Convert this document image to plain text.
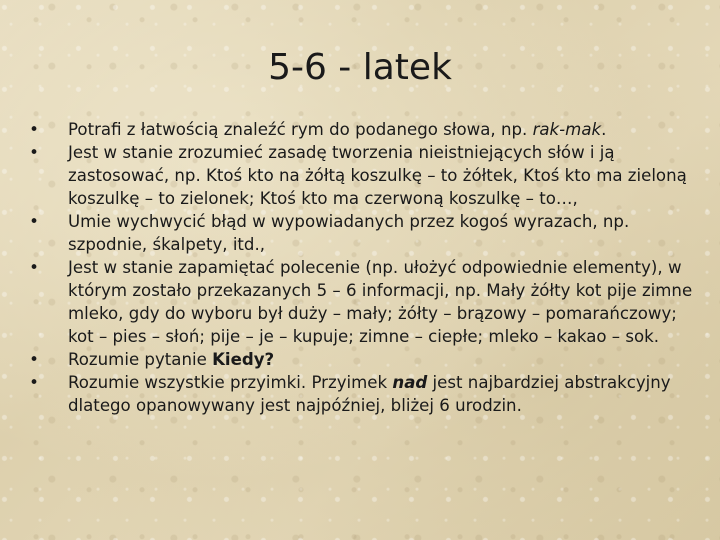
5-6 - latek
•	Potrafi z łatwością znaleźć rym do podanego słowa, np. rak-mak.
•	Jest w stanie zrozumieć zasadę tworzenia nieistniejących słów i ją zastosować, np. Ktoś kto na żółtą koszulkę – to żółtek, Ktoś kto ma zieloną koszulkę – to zielonek; Ktoś kto ma czerwoną koszulkę – to…,
•	Umie wychwycić błąd w wypowiadanych przez kogoś wyrazach, np. szpodnie, śkalpety, itd.,
•	Jest w stanie zapamiętać polecenie (np. ułożyć odpowiednie elementy), w którym zostało przekazanych 5 – 6 informacji, np. Mały żółty kot pije zimne mleko, gdy do wyboru był duży – mały; żółty – brązowy – pomarańczowy; kot – pies – słoń; pije – je – kupuje; zimne – ciepłe; mleko – kakao – sok.
•	Rozumie pytanie Kiedy?
•	Rozumie wszystkie przyimki. Przyimek nad jest najbardziej abstrakcyjny dlatego opanowywany jest najpóźniej, bliżej 6 urodzin.
